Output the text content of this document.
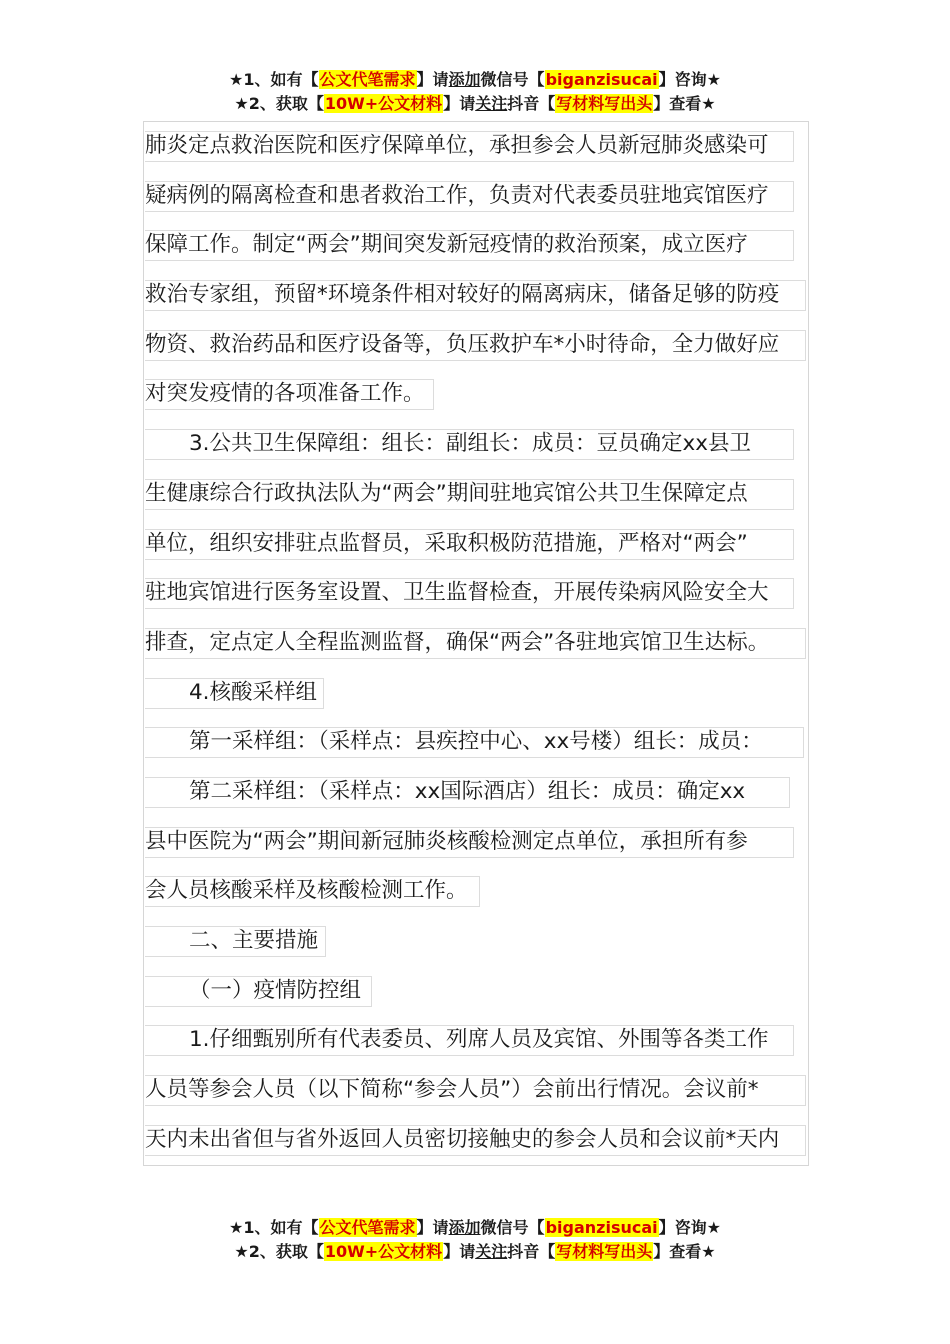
★1、如有【公文代笔需求】请添加微信号【biganzisucai】咨询★
★2、获取【10W+公文材料】请关注抖音【写材料写出头】查看★
肺炎定点救治医院和医疗保障单位，承担参会人员新冠肺炎感染可
疑病例的隔离检查和患者救治工作，负责对代表委员驻地宾馆医疗
保障工作。制定“两会”期间突发新冠疫情的救治预案，成立医疗
救治专家组，预留*环境条件相对较好的隔离病床，储备足够的防疫
物资、救治药品和医疗设备等，负压救护车*小时待命，全力做好应
对突发疫情的各项准备工作。
3.公共卫生保障组：组长：副组长：成员：豆员确定xx县卫
生健康综合行政执法队为“两会”期间驻地宾馆公共卫生保障定点
单位，组织安排驻点监督员，采取积极防范措施，严格对“两会”
驻地宾馆进行医务室设置、卫生监督检查，开展传染病风险安全大
排查，定点定人全程监测监督，确保“两会”各驻地宾馆卫生达标。
4.核酸采样组
第一采样组：（采样点：县疾控中心、xx号楼）组长：成员：
第二采样组：（采样点：xx国际酒店）组长：成员：确定xx
县中医院为“两会”期间新冠肺炎核酸检测定点单位，承担所有参
会人员核酸采样及核酸检测工作。
二、主要措施
（一）疫情防控组
1.仔细甄别所有代表委员、列席人员及宾馆、外围等各类工作
人员等参会人员（以下简称“参会人员”）会前出行情况。会议前*
天内未出省但与省外返回人员密切接触史的参会人员和会议前*天内
★1、如有【公文代笔需求】请添加微信号【biganzisucai】咨询★
★2、获取【10W+公文材料】请关注抖音【写材料写出头】查看★
